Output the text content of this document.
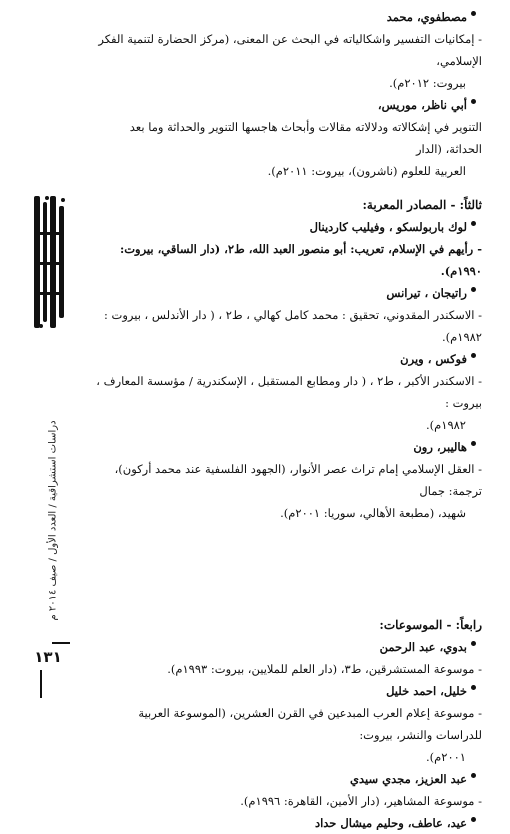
دراسات استشراقية / العدد الأول / صيف ٢٠١٤ م
١٣١
مصطفوي، محمد
- إمكانيات التفسير واشكالياته في البحث عن المعنى، (مركز الحضارة لتنمية الفكر الإسلامي،
بيروت: ٢٠١٢م).
أبي ناظر، موريس،
التنوير في إشكالاته ودلالاته مقالات وأبحاث هاجسها التنوير والحداثة وما بعد الحداثة، (الدار
العربية للعلوم (ناشرون)، بيروت: ٢٠١١م).
ثالثاً: - المصادر المعربة:
لوك باربولسكو ، وفيليب كاردينال
- رأيهم في الإسلام، تعريب: أبو منصور العبد الله، ط٢، (دار الساقي، بيروت: ١٩٩٠م).
راتيجان ، تيرانس
- الاسكندر المقدوني، تحقيق : محمد كامل كهالي ، ط٢ ، ( دار الأندلس ، بيروت : ١٩٨٢م).
فوكس ، ويرن
- الاسكندر الأكبر ، ط٢ ، ( دار ومطابع المستقبل ، الإسكندرية / مؤسسة المعارف ، بيروت :
١٩٨٢م).
هاليبر، رون
- العقل الإسلامي إمام تراث عصر الأنوار، (الجهود الفلسفية عند محمد أركون)، ترجمة: جمال
شهيد، (مطبعة الأهالي، سوريا: ٢٠٠١م).
رابعاً: - الموسوعات:
بدوي، عبد الرحمن
- موسوعة المستشرقين، ط٣، (دار العلم للملايين، بيروت: ١٩٩٣م).
خليل، احمد خليل
- موسوعة إعلام العرب المبدعين في القرن العشرين، (الموسوعة العربية للدراسات والنشر، بيروت:
٢٠٠١م).
عبد العزيز، مجدي سيدي
- موسوعة المشاهير، (دار الأمين، القاهرة: ١٩٩٦م).
عيد، عاطف، وحليم ميشال حداد
